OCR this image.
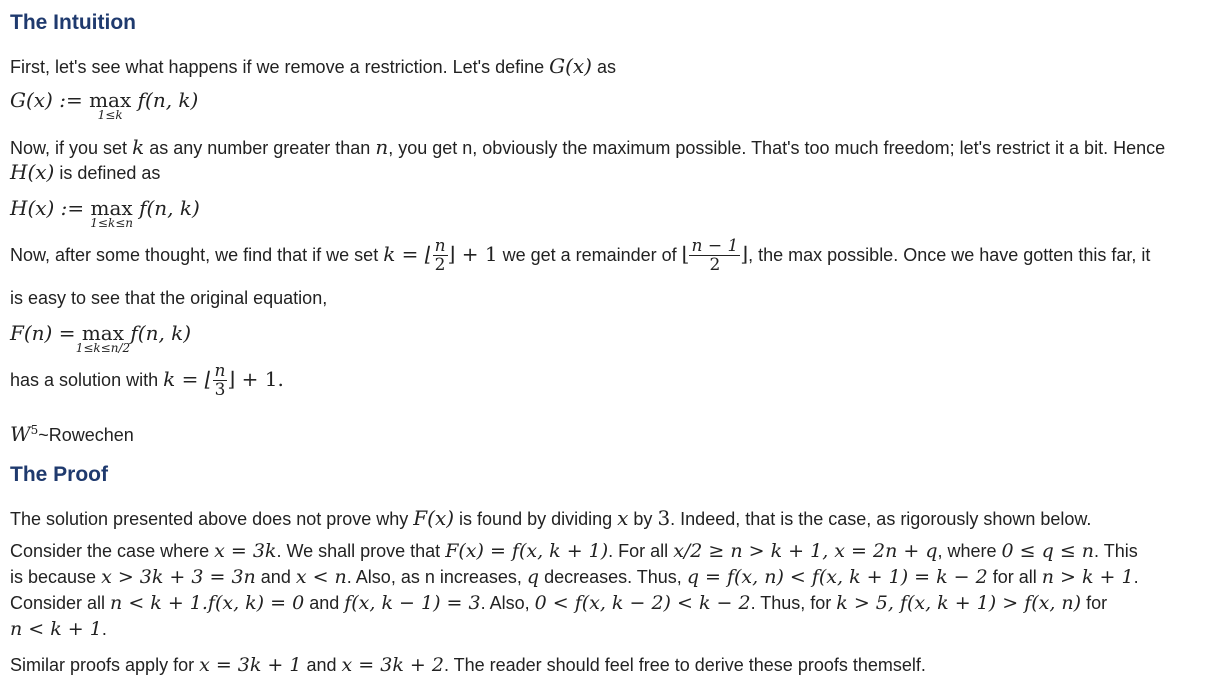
The Intuition

First, let's see what happens if we remove a restriction. Let's define G(x) as

G(x) := max
1≤k
f(n, k)

Now, if you set k as any number greater than n, you get n, obviously the maximum possible. That's too much freedom; let's restrict it a bit. Hence

H(x) is defined as

H(x) := max
1≤k≤n
f(n, k)

Now, after some thought, we find that if we set k = ⌊ $\frac{n}{2}$ ⌋ + 1 we get a remainder of ⌊ $\frac{n - 1}{2}$ ⌋, the max possible. Once we have gotten this far, it

is easy to see that the original equation,

F(n) = max
1≤k≤n/2
f(n, k)

has a solution with k = ⌊ $\frac{n}{3}$ ⌋ + 1.

$W^5\sim Rowechen$

The Proof

The solution presented above does not prove why F(x) is found by dividing x by 3. Indeed, that is the case, as rigorously shown below.

Consider the case where x = 3k. We shall prove that F(x) = f(x, k + 1). For all x/2 ≥ n > k + 1, x = 2n + q, where 0 ≤ q ≤ n. This

is because x > 3k + 3 = 3n and x < n. Also, as n increases, q decreases. Thus, q = f(x, n) < f(x, k + 1) = k − 2 for all n > k + 1.

Consider all n < k + 1.f(x, k) = 0 and f(x, k − 1) = 3. Also, 0 < f(x, k − 2) < k − 2. Thus, for k > 5, f(x, k + 1) > f(x, n) for

n < k + 1.

Similar proofs apply for x = 3k + 1 and x = 3k + 2. The reader should feel free to derive these proofs themself.
